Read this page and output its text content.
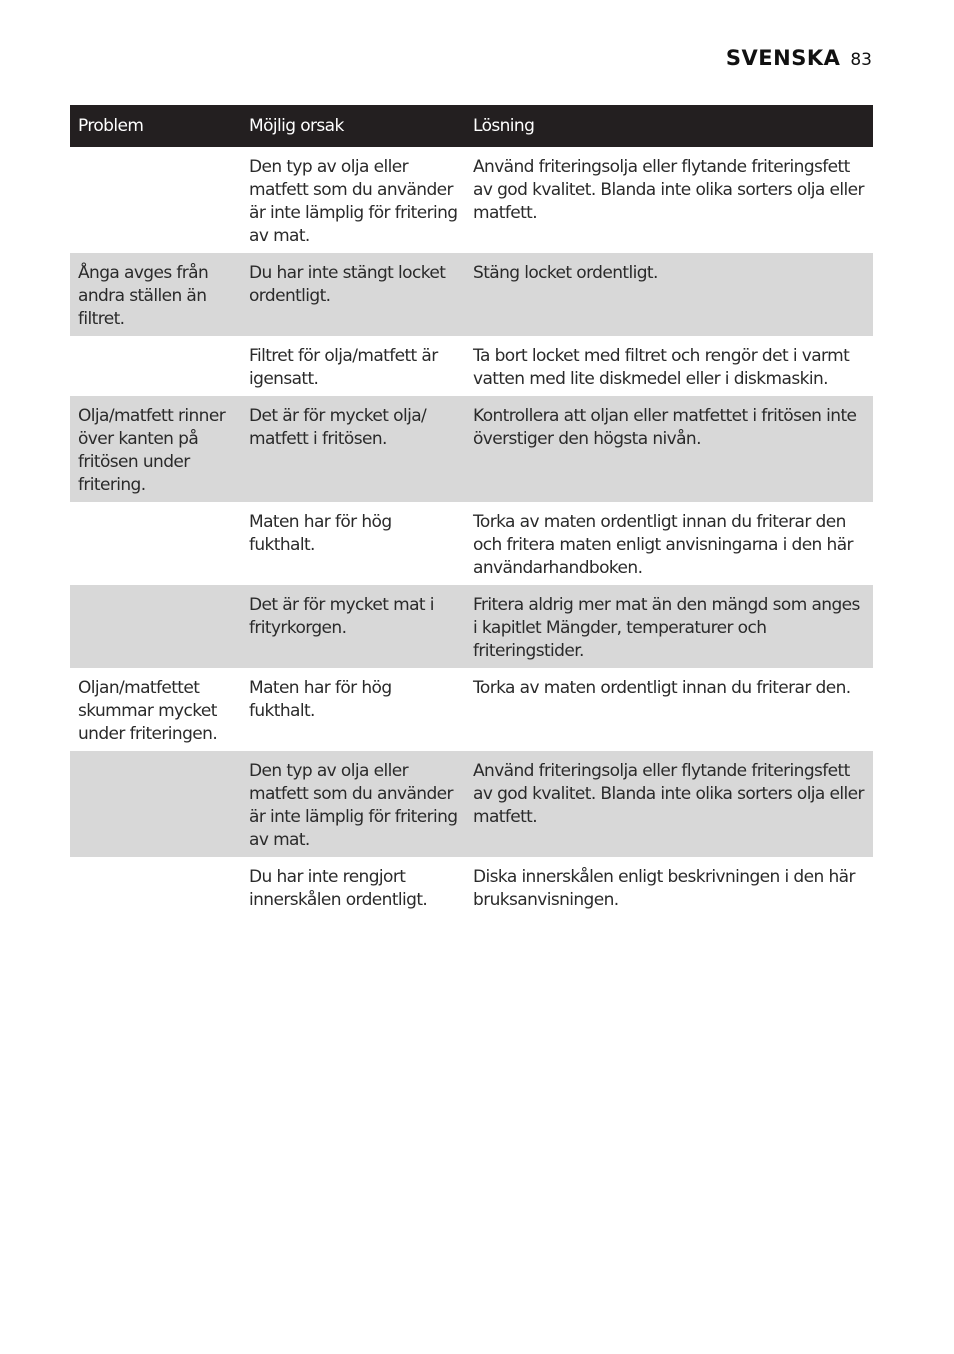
SVENSKA 83
Problem	Möjlig orsak	Lösning
	Den typ av olja eller matfett som du använder är inte lämplig för fritering av mat.	Använd friteringsolja eller flytande friteringsfett av god kvalitet. Blanda inte olika sorters olja eller matfett.
Ånga avges från andra ställen än filtret.	Du har inte stängt locket ordentligt.	Stäng locket ordentligt.
	Filtret för olja/matfett är igensatt.	Ta bort locket med filtret och rengör det i varmt vatten med lite diskmedel eller i diskmaskin.
Olja/matfett rinner över kanten på fritösen under fritering.	Det är för mycket olja/ matfett i fritösen.	Kontrollera att oljan eller matfettet i fritösen inte överstiger den högsta nivån.
	Maten har för hög fukthalt.	Torka av maten ordentligt innan du friterar den och fritera maten enligt anvisningarna i den här användarhandboken.
	Det är för mycket mat i frityrkorgen.	Fritera aldrig mer mat än den mängd som anges i kapitlet Mängder, temperaturer och friteringstider.
Oljan/matfettet skummar mycket under friteringen.	Maten har för hög fukthalt.	Torka av maten ordentligt innan du friterar den.
	Den typ av olja eller matfett som du använder är inte lämplig för fritering av mat.	Använd friteringsolja eller flytande friteringsfett av god kvalitet. Blanda inte olika sorters olja eller matfett.
	Du har inte rengjort innerskålen ordentligt.	Diska innerskålen enligt beskrivningen i den här bruksanvisningen.
